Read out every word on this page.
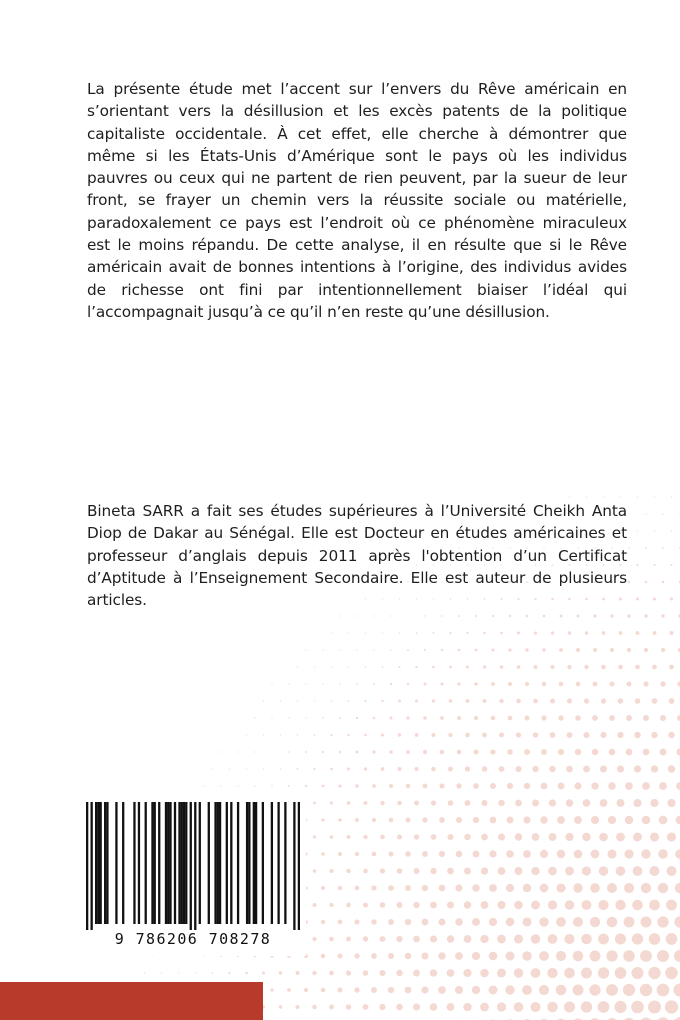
La présente étude met l’accent sur l’envers du Rêve américain en s’orientant vers la désillusion et les excès patents de la politique capitaliste occidentale. À cet effet, elle cherche à démontrer que même si les États-Unis d’Amérique sont le pays où les individus pauvres ou ceux qui ne partent de rien peuvent, par la sueur de leur front, se frayer un chemin vers la réussite sociale ou matérielle, paradoxalement ce pays est l’endroit où ce phénomène miraculeux est le moins répandu. De cette analyse, il en résulte que si le Rêve américain avait de bonnes intentions à l’origine, des individus avides de richesse ont fini par intentionnellement biaiser l’idéal qui l’accompagnait jusqu’à ce qu’il n’en reste qu’une désillusion.

Bineta SARR a fait ses études supérieures à l’Université Cheikh Anta Diop de Dakar au Sénégal. Elle est Docteur en études américaines et professeur d’anglais depuis 2011 après l'obtention d’un Certificat d’Aptitude à l’Enseignement Secondaire. Elle est auteur de plusieurs articles.

9 786206 708278
